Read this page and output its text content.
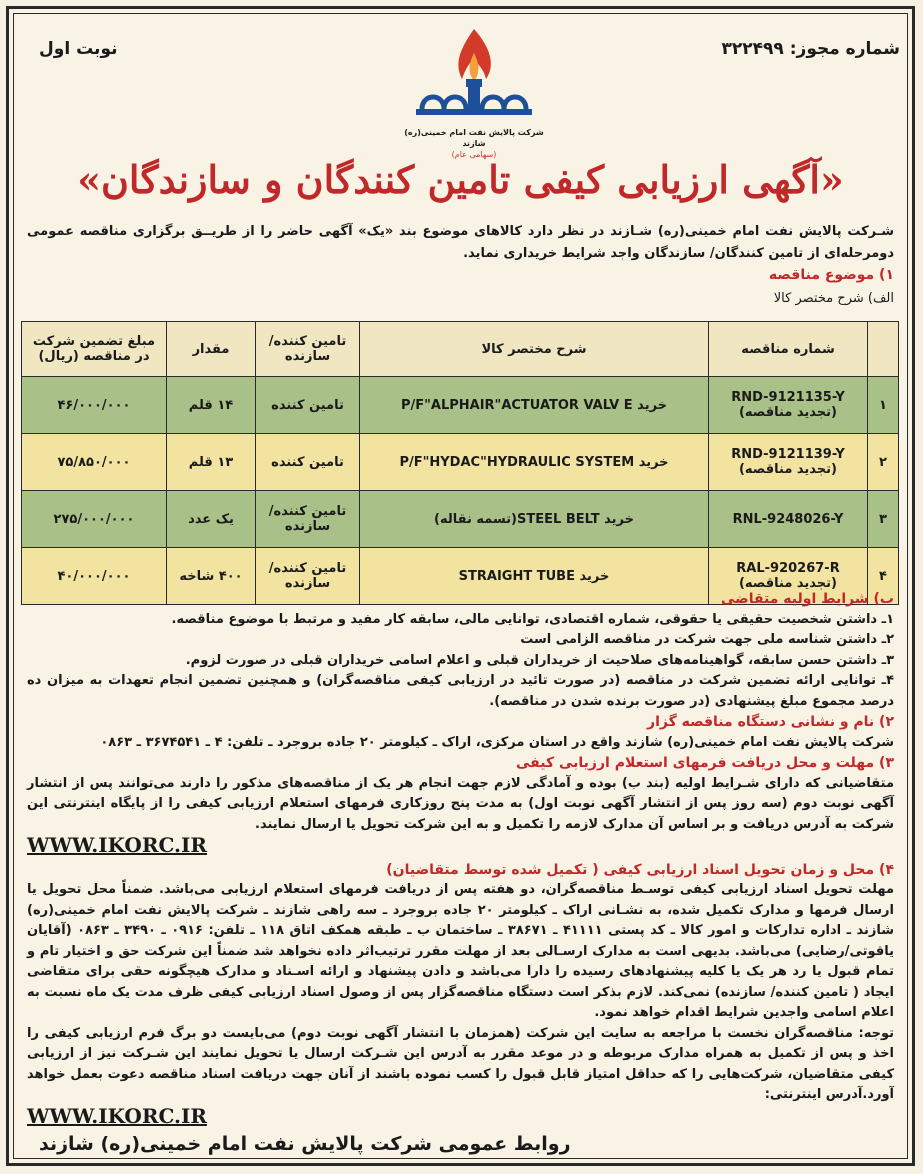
شماره مجوز: ۳۲۲۴۹۹
نوبت اول
شرکت پالایش نفت امام خمینی(ره) شازند
(سهامی عام)
«آگهی ارزیابی کیفی تامین کنندگان و سازندگان»
شـرکت پالایش نفت امام خمینی(ره) شـازند در نظر دارد کالاهای موضوع بند «یک» آگهی حاضر را از طریــق برگزاری مناقصه عمومی دومرحله‌ای از تامین کنندگان/ سازندگان واجد شرایط خریداری نماید.
۱) موضوع مناقصه
الف) شرح مختصر کالا
	شماره مناقصه	شرح مختصر کالا	تامین کننده/ سازنده	مقدار	مبلغ تضمین شرکت در مناقصه (ریال)
۱	RND-9121135-Y
(تجدید مناقصه)	خرید P/F"ALPHAIR"ACTUATOR VALV E	تامین کننده	۱۴ قلم	۴۶/۰۰۰/۰۰۰
۲	RND-9121139-Y
(تجدید مناقصه)	خرید P/F"HYDAC"HYDRAULIC SYSTEM	تامین کننده	۱۳ قلم	۷۵/۸۵۰/۰۰۰
۳	RNL-9248026-Y	خرید STEEL BELT(تسمه نقاله)	تامین کننده/ سازنده	یک عدد	۲۷۵/۰۰۰/۰۰۰
۴	RAL-920267-R
(تجدید مناقصه)	خرید STRAIGHT TUBE	تامین کننده/ سازنده	۴۰۰ شاخه	۴۰/۰۰۰/۰۰۰
ب) شرایط اولیه متقاضی
۱ـ داشتن شخصیت حقیقی یا حقوقی، شماره اقتصادی، توانایی مالی، سابقه کار مفید و مرتبط با موضوع مناقصه.
۲ـ داشتن شناسه ملی جهت شرکت در مناقصه الزامی است
۳ـ داشتن حسن سابقه، گواهینامه‌های صلاحیت از خریداران قبلی و اعلام اسامی خریداران قبلی در صورت لزوم.
۴ـ توانایی ارائه تضمین شرکت در مناقصه (در صورت تائید در ارزیابی کیفی مناقصه‌گران) و همچنین تضمین انجام تعهدات به میزان ده درصد مجموع مبلغ پیشنهادی (در صورت برنده شدن در مناقصه).
۲) نام و نشانی دستگاه مناقصه گزار
شرکت پالایش نفت امام خمینی(ره) شازند واقع در استان مرکزی، اراک ـ کیلومتر ۲۰ جاده بروجرد ـ تلفن: ۴ ـ ۳۶۷۴۵۴۱ ـ ۰۸۶۳
۳) مهلت و محل دریافت فرمهای استعلام ارزیابی کیفی
متقاضیانی که دارای شـرایط اولیه (بند ب) بوده و آمادگی لازم جهت انجام هر یک از مناقصه‌های مذکور را دارند می‌توانند پس از انتشار آگهی نوبت دوم (سه روز پس از انتشار آگهی نوبت اول) به مدت پنج روزکاری فرمهای استعلام ارزیابی کیفی را از پایگاه اینترنتی این شرکت به آدرس دریافت و بر اساس آن مدارک لازمه را تکمیل و به این شرکت تحویل یا ارسال نمایند.
WWW.IKORC.IR
۴) محل و زمان تحویل اسناد ارزیابی کیفی ( تکمیل شده توسط متقاضیان)
مهلت تحویل اسناد ارزیابی کیفی توسـط مناقصه‌گران، دو هفته پس از دریافت فرمهای استعلام ارزیابی می‌باشد. ضمناً محل تحویل یا ارسال فرمها و مدارک تکمیل شده، به نشـانی اراک ـ کیلومتر ۲۰ جاده بروجرد ـ سه راهی شازند ـ شرکت پالایش نفت امام خمینی(ره) شازند ـ اداره تدارکات و امور کالا ـ کد پستی ۴۱۱۱۱ ـ ۳۸۶۷۱ ـ ساختمان ب ـ طبقه همکف اتاق ۱۱۸ ـ تلفن: ۰۹۱۶ ـ ۳۴۹۰ ـ ۰۸۶۳ (آقایان یاقوتی/رضایی) می‌باشد. بدیهی است به مدارک ارسـالی بعد از مهلت مقرر ترتیب‌اثر داده نخواهد شد ضمناً این شرکت حق و اختیار تام و تمام قبول یا رد هر یک یا کلیه پیشنهادهای رسیده را دارا می‌باشد و دادن پیشنهاد و ارائه اسـناد و مدارک هیچگونه حقی برای متقاضی ایجاد ( تامین کننده/ سازنده) نمی‌کند. لازم بذکر است دستگاه مناقصه‌گزار پس از وصول اسناد ارزیابی کیفی ظرف مدت یک ماه نسبت به اعلام اسامی واجدین شرایط اقدام خواهد نمود.
توجه: مناقصه‌گران نخست با مراجعه به سایت این شرکت (همزمان با انتشار آگهی نوبت دوم) می‌بایست دو برگ فرم ارزیابی کیفی را اخذ و پس از تکمیل به همراه مدارک مربوطه و در موعد مقرر به آدرس این شـرکت ارسال یا تحویل نمایند این شـرکت نیز از ارزیابی کیفی متقاضیان، شرکت‌هایی را که حداقل امتیاز قابل قبول را کسب نموده باشند از آنان جهت دریافت اسناد مناقصه دعوت بعمل خواهد آورد.آدرس اینترنتی:
WWW.IKORC.IR
روابط عمومی شرکت پالایش نفت امام خمینی(ره) شازند
